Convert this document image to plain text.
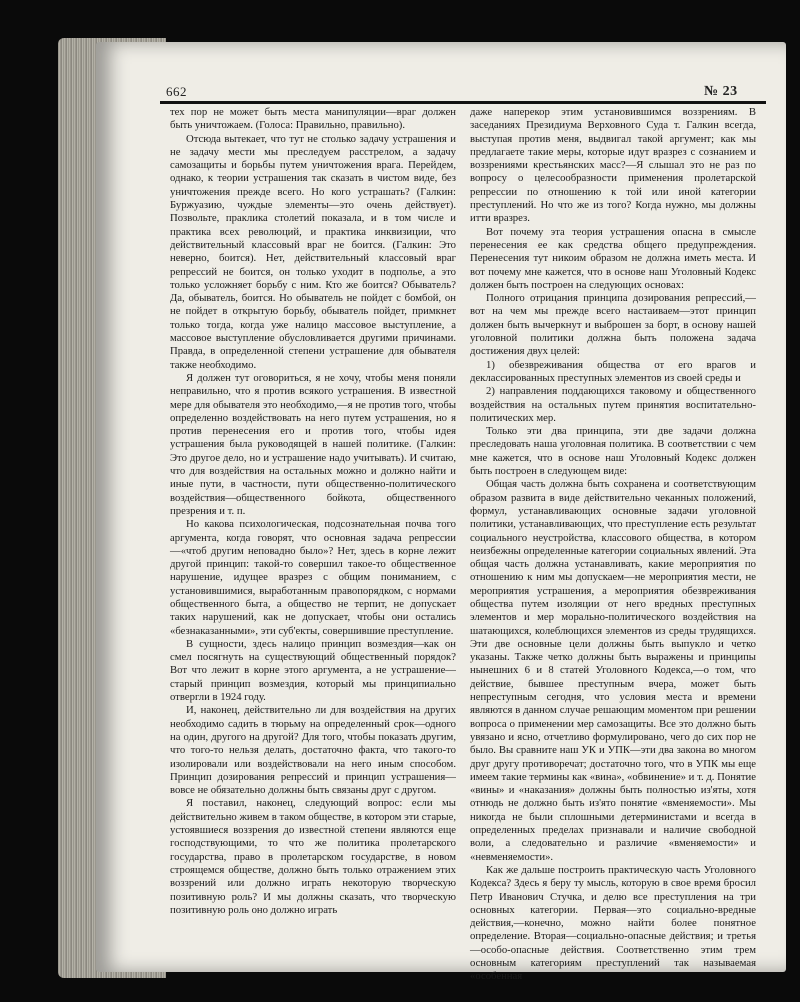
662	№ 23

тех пор не может быть места манипуляции—враг должен быть уничтожаем. (Голоса: Правильно, правильно).

Отсюда вытекает, что тут не столько задачу устрашения и не задачу мести мы преследуем расстрелом, а задачу самозащиты и борьбы путем уничтожения врага. Перейдем, однако, к теории устрашения так сказать в чистом виде, без уничтожения прежде всего. Но кого устрашать? (Галкин: Буржуазию, чуждые элементы—это очень действует). Позвольте, праклика столетий показала, и в том числе и практика всех революций, и практика инквизиции, что действительный классовый враг не боится. (Галкин: Это неверно, боится). Нет, действительный классовый враг репрессий не боится, он только уходит в подполье, а это только усложняет борьбу с ним. Кто же боится? Обыватель? Да, обыватель, боится. Но обыватель не пойдет с бомбой, он не пойдет в открытую борьбу, обыватель пойдет, примкнет только тогда, когда уже налицо массовое выступление, а массовое выступление обусловливается другими причинами. Правда, в определенной степени устрашение для обывателя также необходимо.

Я должен тут оговориться, я не хочу, чтобы меня поняли неправильно, что я против всякого устрашения. В известной мере для обывателя это необходимо,—я не против того, чтобы определенно воздействовать на него путем устрашения, но я против перенесения его и против того, чтобы идея устрашения была руководящей в нашей политике. (Галкин: Это другое дело, но и устрашение надо учитывать). И считаю, что для воздействия на остальных можно и должно найти и иные пути, в частности, пути общественно-политического воздействия—общественного бойкота, общественного презрения и т. п.

Но какова психологическая, подсознательная почва того аргумента, когда говорят, что основная задача репрессии—«чтоб другим неповадно было»? Нет, здесь в корне лежит другой принцип: такой-то совершил такое-то общественное нарушение, идущее вразрез с общим пониманием, с установившимися, выработанным правопорядком, с нормами общественного быта, а общество не терпит, не допускает таких нарушений, как не допускает, чтобы они остались «безнаказанными», эти суб'екты, совершившие преступление.

В сущности, здесь налицо принцип возмездия—как он смел посягнуть на существующий общественный порядок? Вот что лежит в корне этого аргумента, а не устрашение—старый принцип возмездия, который мы принципиально отвергли в 1924 году.

И, наконец, действительно ли для воздействия на других необходимо садить в тюрьму на определенный срок—одного на один, другого на другой? Для того, чтобы показать другим, что того-то нельзя делать, достаточно факта, что такого-то изолировали или воздействовали на него иным способом. Принцип дозирования репрессий и принцип устрашения—вовсе не обязательно должны быть связаны друг с другом.

Я поставил, наконец, следующий вопрос: если мы действительно живем в таком обществе, в котором эти старые, устоявшиеся воззрения до известной степени являются еще господствующими, то что же политика пролетарского государства, право в пролетарском государстве, в новом строящемся обществе, должно быть только отражением этих воззрений или должно играть некоторую творческую позитивную роль? И мы должны сказать, что творческую позитивную роль оно должно играть

даже наперекор этим установившимся воззрениям. В заседаниях Президиума Верховного Суда т. Галкин всегда, выступая против меня, выдвигал такой аргумент; как мы предлагаете такие меры, которые идут вразрез с сознанием и воззрениями крестьянских масс?—Я слышал это не раз по вопросу о целесообразности применения пролетарской репрессии по отношению к той или иной категории преступлений. Но что же из того? Когда нужно, мы должны итти вразрез.

Вот почему эта теория устрашения опасна в смысле перенесения ее как средства общего предупреждения. Перенесения тут никоим образом не должна иметь места. И вот почему мне кажется, что в основе наш Уголовный Кодекс должен быть построен на следующих основах:

Полного отрицания принципа дозирования репрессий,—вот на чем мы прежде всего настаиваем—этот принцип должен быть вычеркнут и выброшен за борт, в основу нашей уголовной политики должна быть положена задача достижения двух целей:

1) обезвреживания общества от его врагов и деклассированных преступных элементов из своей среды и

2) направления поддающихся таковому и общественного воздействия на остальных путем принятия воспитательно-политических мер.

Только эти два принципа, эти две задачи должна преследовать наша уголовная политика. В соответствии с чем мне кажется, что в основе наш Уголовный Кодекс должен быть построен в следующем виде:

Общая часть должна быть сохранена и соответствующим образом развита в виде действительно чеканных положений, формул, устанавливающих основные задачи уголовной политики, устанавливающих, что преступление есть результат социального неустройства, классового общества, в котором неизбежны определенные категории социальных явлений. Эта общая часть должна устанавливать, какие мероприятия по отношению к ним мы допускаем—не мероприятия мести, не мероприятия устрашения, а мероприятия обезвреживания общества путем изоляции от него вредных преступных элементов и мер морально-политического воздействия на шатающихся, колеблющихся элементов из среды трудящихся. Эти две основные цели должны быть выпукло и четко указаны. Также четко должны быть выражены и принципы нынешних 6 и 8 статей Уголовного Кодекса,—о том, что действие, бывшее преступным вчера, может быть непреступным сегодня, что условия места и времени являются в данном случае решающим моментом при решении вопроса о применении мер самозащиты. Все это должно быть увязано и ясно, отчетливо формулировано, чего до сих пор не было. Вы сравните наш УК и УПК—эти два закона во многом друг другу противоречат; достаточно того, что в УПК мы еще имеем такие термины как «вина», «обвинение» и т. д. Понятие «вины» и «наказания» должны быть полностью из'яты, хотя отнюдь не должно быть из'ято понятие «вменяемости». Мы никогда не были сплошными детерминистами и всегда в определенных пределах признавали и наличие свободной воли, а следовательно и различие «вменяемости» и «невменяемости».

Как же дальше построить практическую часть Уголовного Кодекса? Здесь я беру ту мысль, которую в свое время бросил Петр Иванович Стучка, и делю все преступления на три основных категории. Первая—это социально-вредные действия,—конечно, можно найти более понятное определение. Вторая—социально-опасные действия; и третья—особо-опасные действия. Соответственно этим трем основным категориям преступлений так называемая «особенная
